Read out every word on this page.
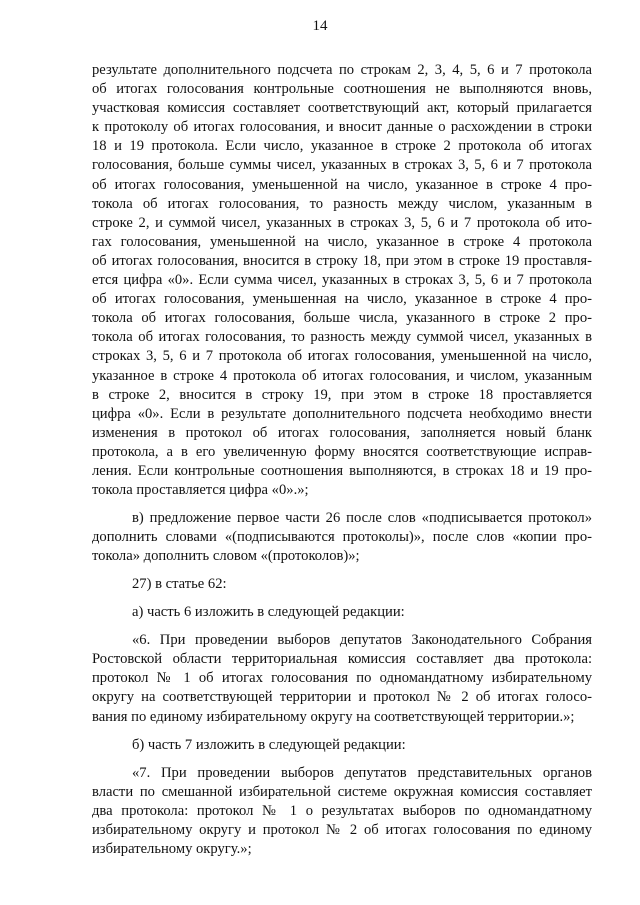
14
результате дополнительного подсчета по строкам 2, 3, 4, 5, 6 и 7 протокола
об итогах голосования контрольные соотношения не выполняются вновь,
участковая комиссия составляет соответствующий акт, который прилагается
к протоколу об итогах голосования, и вносит данные о расхождении в строки
18 и 19 протокола. Если число, указанное в строке 2 протокола об итогах
голосования, больше суммы чисел, указанных в строках 3, 5, 6 и 7 протокола
об итогах голосования, уменьшенной на число, указанное в строке 4 про-
токола об итогах голосования, то разность между числом, указанным в
строке 2, и суммой чисел, указанных в строках 3, 5, 6 и 7 протокола об ито-
гах голосования, уменьшенной на число, указанное в строке 4 протокола
об итогах голосования, вносится в строку 18, при этом в строке 19 проставля-
ется цифра «0». Если сумма чисел, указанных в строках 3, 5, 6 и 7 протокола
об итогах голосования, уменьшенная на число, указанное в строке 4 про-
токола об итогах голосования, больше числа, указанного в строке 2 про-
токола об итогах голосования, то разность между суммой чисел, указанных в
строках 3, 5, 6 и 7 протокола об итогах голосования, уменьшенной на число,
указанное в строке 4 протокола об итогах голосования, и числом, указанным
в строке 2, вносится в строку 19, при этом в строке 18 проставляется
цифра «0». Если в результате дополнительного подсчета необходимо внести
изменения в протокол об итогах голосования, заполняется новый бланк
протокола, а в его увеличенную форму вносятся соответствующие исправ-
ления. Если контрольные соотношения выполняются, в строках 18 и 19 про-
токола проставляется цифра «0».»;
в) предложение первое части 26 после слов «подписывается протокол»
дополнить словами «(подписываются протоколы)», после слов «копии про-
токола» дополнить словом «(протоколов)»;
27) в статье 62:
а) часть 6 изложить в следующей редакции:
«6. При проведении выборов депутатов Законодательного Собрания
Ростовской области территориальная комиссия составляет два протокола:
протокол № 1 об итогах голосования по одномандатному избирательному
округу на соответствующей территории и протокол № 2 об итогах голосо-
вания по единому избирательному округу на соответствующей территории.»;
б) часть 7 изложить в следующей редакции:
«7. При проведении выборов депутатов представительных органов
власти по смешанной избирательной системе окружная комиссия составляет
два протокола: протокол № 1 о результатах выборов по одномандатному
избирательному округу и протокол № 2 об итогах голосования по единому
избирательному округу.»;
